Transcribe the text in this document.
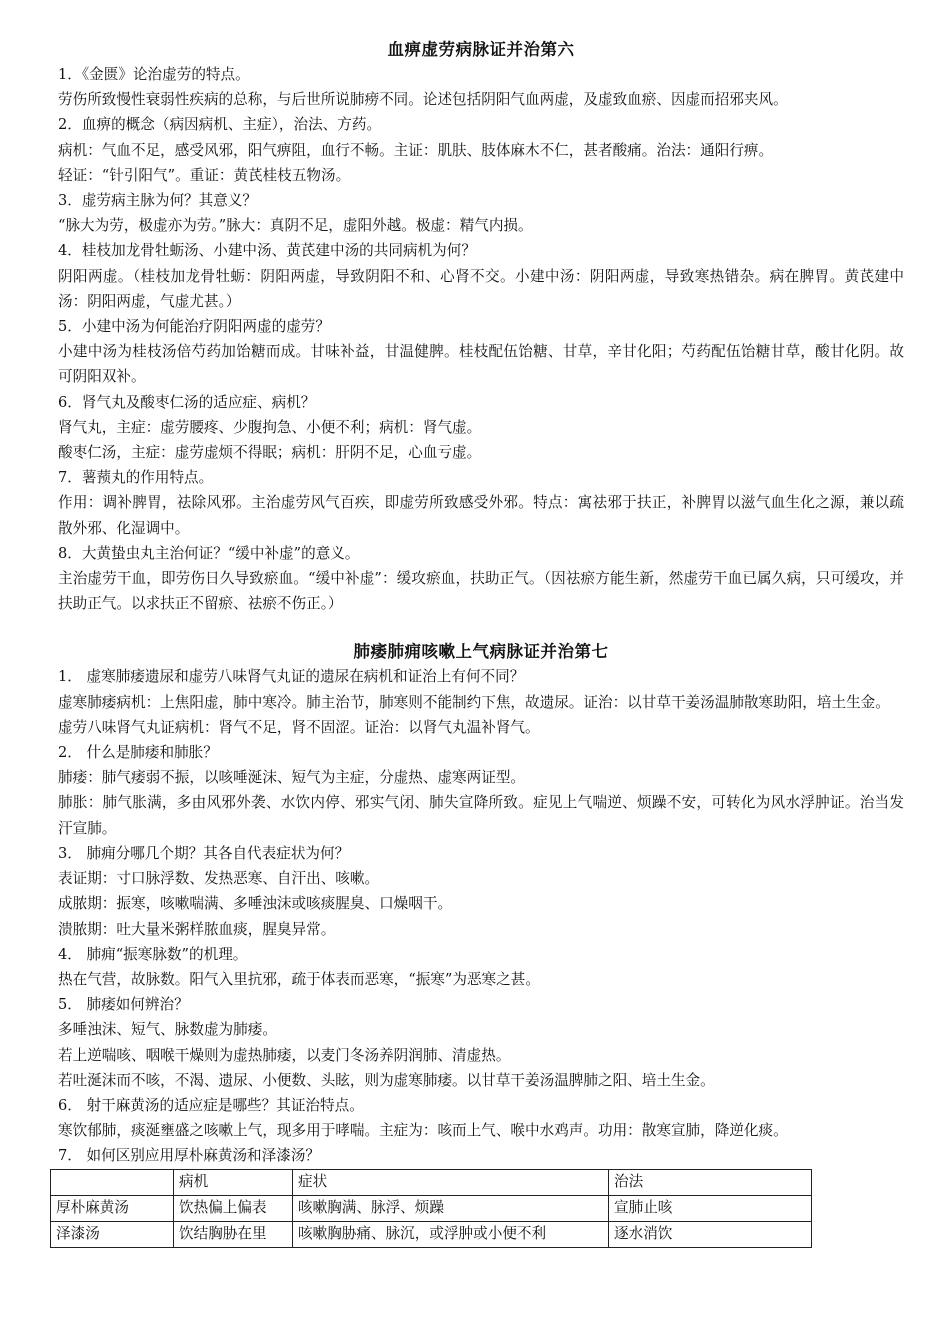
血痹虚劳病脉证并治第六

1．《金匮》论治虚劳的特点。

劳伤所致慢性衰弱性疾病的总称，与后世所说肺痨不同。论述包括阴阳气血两虚，及虚致血瘀、因虚而招邪夹风。

2．血痹的概念（病因病机、主症），治法、方药。

病机：气血不足，感受风邪，阳气痹阻，血行不畅。主证：肌肤、肢体麻木不仁，甚者酸痛。治法：通阳行痹。

轻证：“针引阳气”。重证：黄芪桂枝五物汤。

3．虚劳病主脉为何？其意义？

“脉大为劳，极虚亦为劳。”脉大：真阴不足，虚阳外越。极虚：精气内损。

4．桂枝加龙骨牡蛎汤、小建中汤、黄芪建中汤的共同病机为何？

阴阳两虚。（桂枝加龙骨牡蛎：阴阳两虚，导致阴阳不和、心肾不交。小建中汤：阴阳两虚，导致寒热错杂。病在脾胃。黄芪建中汤：阴阳两虚，气虚尤甚。）

5．小建中汤为何能治疗阴阳两虚的虚劳？

小建中汤为桂枝汤倍芍药加饴糖而成。甘味补益，甘温健脾。桂枝配伍饴糖、甘草，辛甘化阳；芍药配伍饴糖甘草，酸甘化阴。故可阴阳双补。

6．肾气丸及酸枣仁汤的适应症、病机？

肾气丸，主症：虚劳腰疼、少腹拘急、小便不利；病机：肾气虚。

酸枣仁汤，主症：虚劳虚烦不得眠；病机：肝阴不足，心血亏虚。

7．薯蓣丸的作用特点。

作用：调补脾胃，祛除风邪。主治虚劳风气百疾，即虚劳所致感受外邪。特点：寓祛邪于扶正，补脾胃以滋气血生化之源，兼以疏散外邪、化湿调中。

8．大黄蛰虫丸主治何证？“缓中补虚”的意义。

主治虚劳干血，即劳伤日久导致瘀血。“缓中补虚”：缓攻瘀血，扶助正气。（因祛瘀方能生新，然虚劳干血已属久病，只可缓攻，并扶助正气。以求扶正不留瘀、祛瘀不伤正。）

肺痿肺痈咳嗽上气病脉证并治第七

1． 虚寒肺痿遗尿和虚劳八味肾气丸证的遗尿在病机和证治上有何不同？

虚寒肺痿病机：上焦阳虚，肺中寒冷。肺主治节，肺寒则不能制约下焦，故遗尿。证治：以甘草干姜汤温肺散寒助阳，培土生金。

虚劳八味肾气丸证病机：肾气不足，肾不固涩。证治：以肾气丸温补肾气。

2． 什么是肺痿和肺胀？

肺痿：肺气痿弱不振，以咳唾涎沫、短气为主症，分虚热、虚寒两证型。

肺胀：肺气胀满，多由风邪外袭、水饮内停、邪实气闭、肺失宣降所致。症见上气喘逆、烦躁不安，可转化为风水浮肿证。治当发汗宣肺。

3． 肺痈分哪几个期？其各自代表症状为何？

表证期：寸口脉浮数、发热恶寒、自汗出、咳嗽。

成脓期：振寒，咳嗽喘满、多唾浊沫或咳痰腥臭、口燥咽干。

溃脓期：吐大量米粥样脓血痰，腥臭异常。

4． 肺痈“振寒脉数”的机理。

热在气营，故脉数。阳气入里抗邪，疏于体表而恶寒，“振寒”为恶寒之甚。

5． 肺痿如何辨治？

多唾浊沫、短气、脉数虚为肺痿。

若上逆喘咳、咽喉干燥则为虚热肺痿，以麦门冬汤养阴润肺、清虚热。

若吐涎沫而不咳，不渴、遗尿、小便数、头眩，则为虚寒肺痿。以甘草干姜汤温脾肺之阳、培土生金。

6． 射干麻黄汤的适应症是哪些？其证治特点。

寒饮郁肺，痰涎壅盛之咳嗽上气，现多用于哮喘。主症为：咳而上气、喉中水鸡声。功用：散寒宣肺，降逆化痰。

7． 如何区别应用厚朴麻黄汤和泽漆汤？

	病机	症状	治法
厚朴麻黄汤	饮热偏上偏表	咳嗽胸满、脉浮、烦躁	宣肺止咳
泽漆汤	饮结胸胁在里	咳嗽胸胁痛、脉沉，或浮肿或小便不利	逐水消饮
